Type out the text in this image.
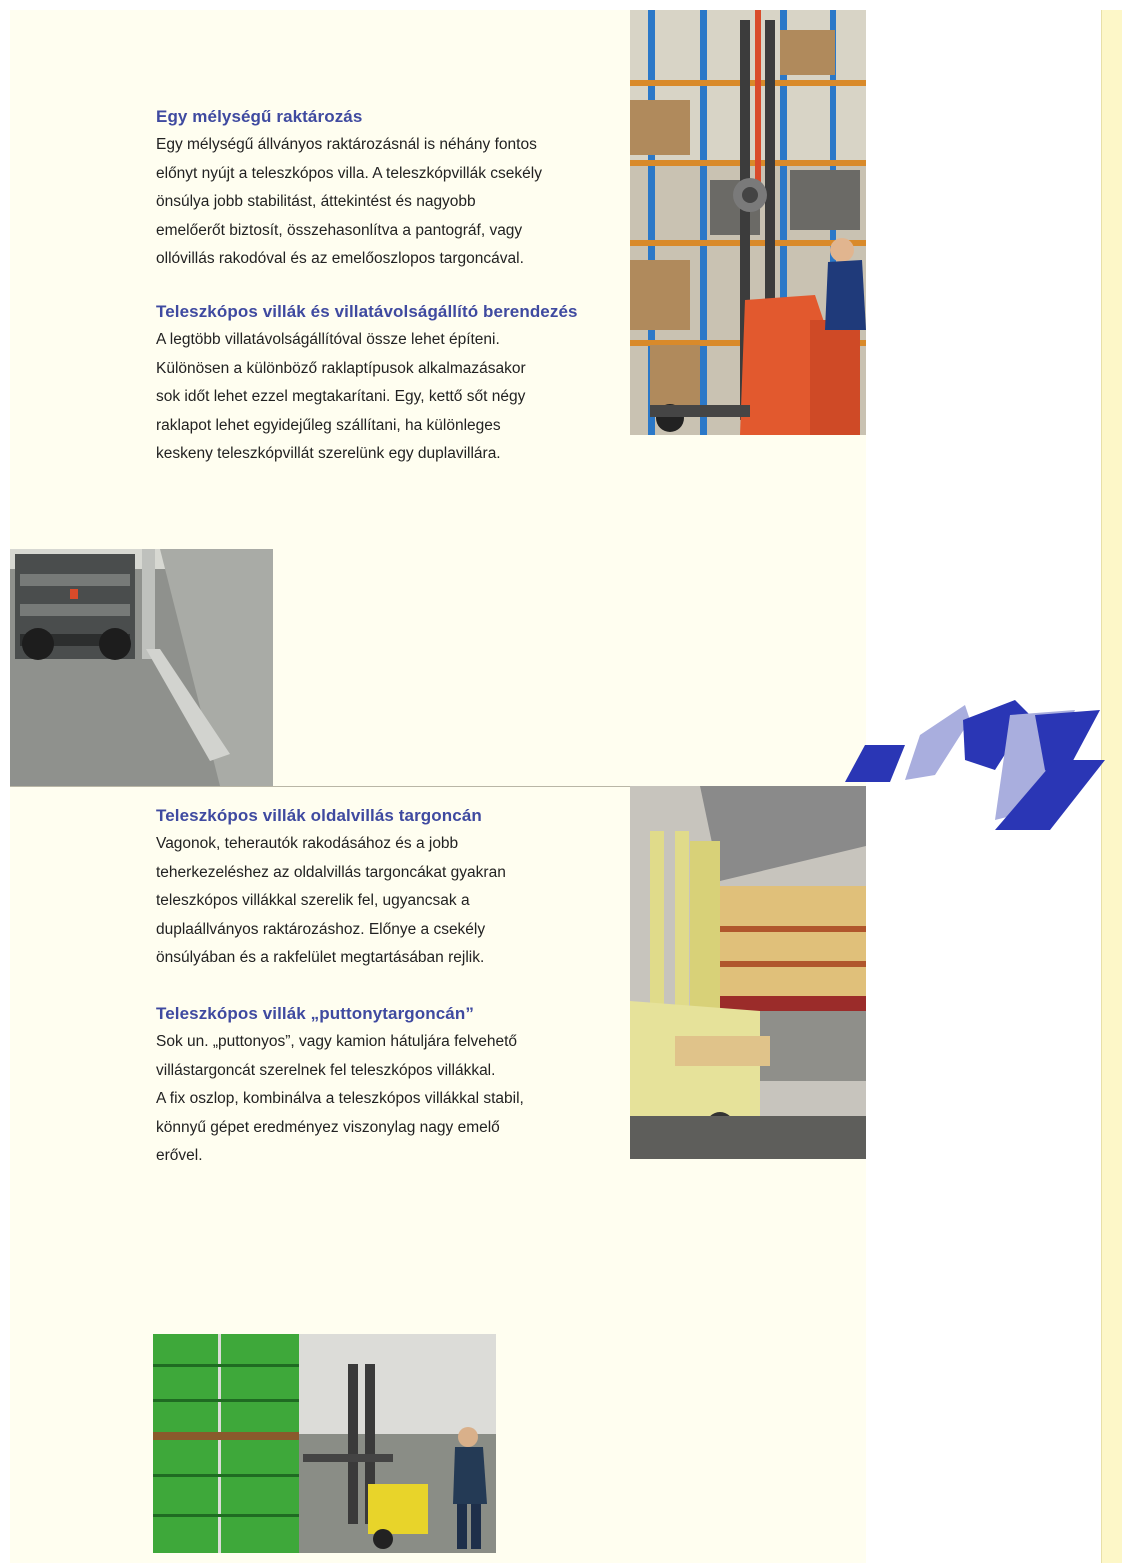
Egy mélységű raktározás

Egy mélységű állványos raktározásnál is néhány fontos
előnyt nyújt a teleszkópos villa. A teleszkópvillák csekély
önsúlya jobb stabilitást, áttekintést és nagyobb
emelőerőt biztosít, összehasonlítva a pantográf, vagy
ollóvillás rakodóval és az emelőoszlopos targoncával.

Teleszkópos villák és villatávolságállító berendezés

A legtöbb villatávolságállítóval össze lehet építeni.
Különösen a különböző raklaptípusok alkalmazásakor
sok időt lehet ezzel megtakarítani. Egy, kettő sőt négy
raklapot lehet egyidejűleg szállítani, ha különleges
keskeny teleszkópvillát szerelünk egy duplavillára.

Teleszkópos villák oldalvillás targoncán

Vagonok, teherautók rakodásához és a jobb
teherkezeléshez az oldalvillás targoncákat gyakran
teleszkópos villákkal szerelik fel, ugyancsak a
duplaállványos raktározáshoz. Előnye a csekély
önsúlyában és a rakfelület megtartásában rejlik.

Teleszkópos villák „puttonytargoncán”

Sok un. „puttonyos”, vagy kamion hátuljára felvehető
villástargoncát szerelnek fel teleszkópos villákkal.
A fix oszlop, kombinálva a teleszkópos villákkal stabil,
könnyű gépet eredményez viszonylag nagy emelő
erővel.
